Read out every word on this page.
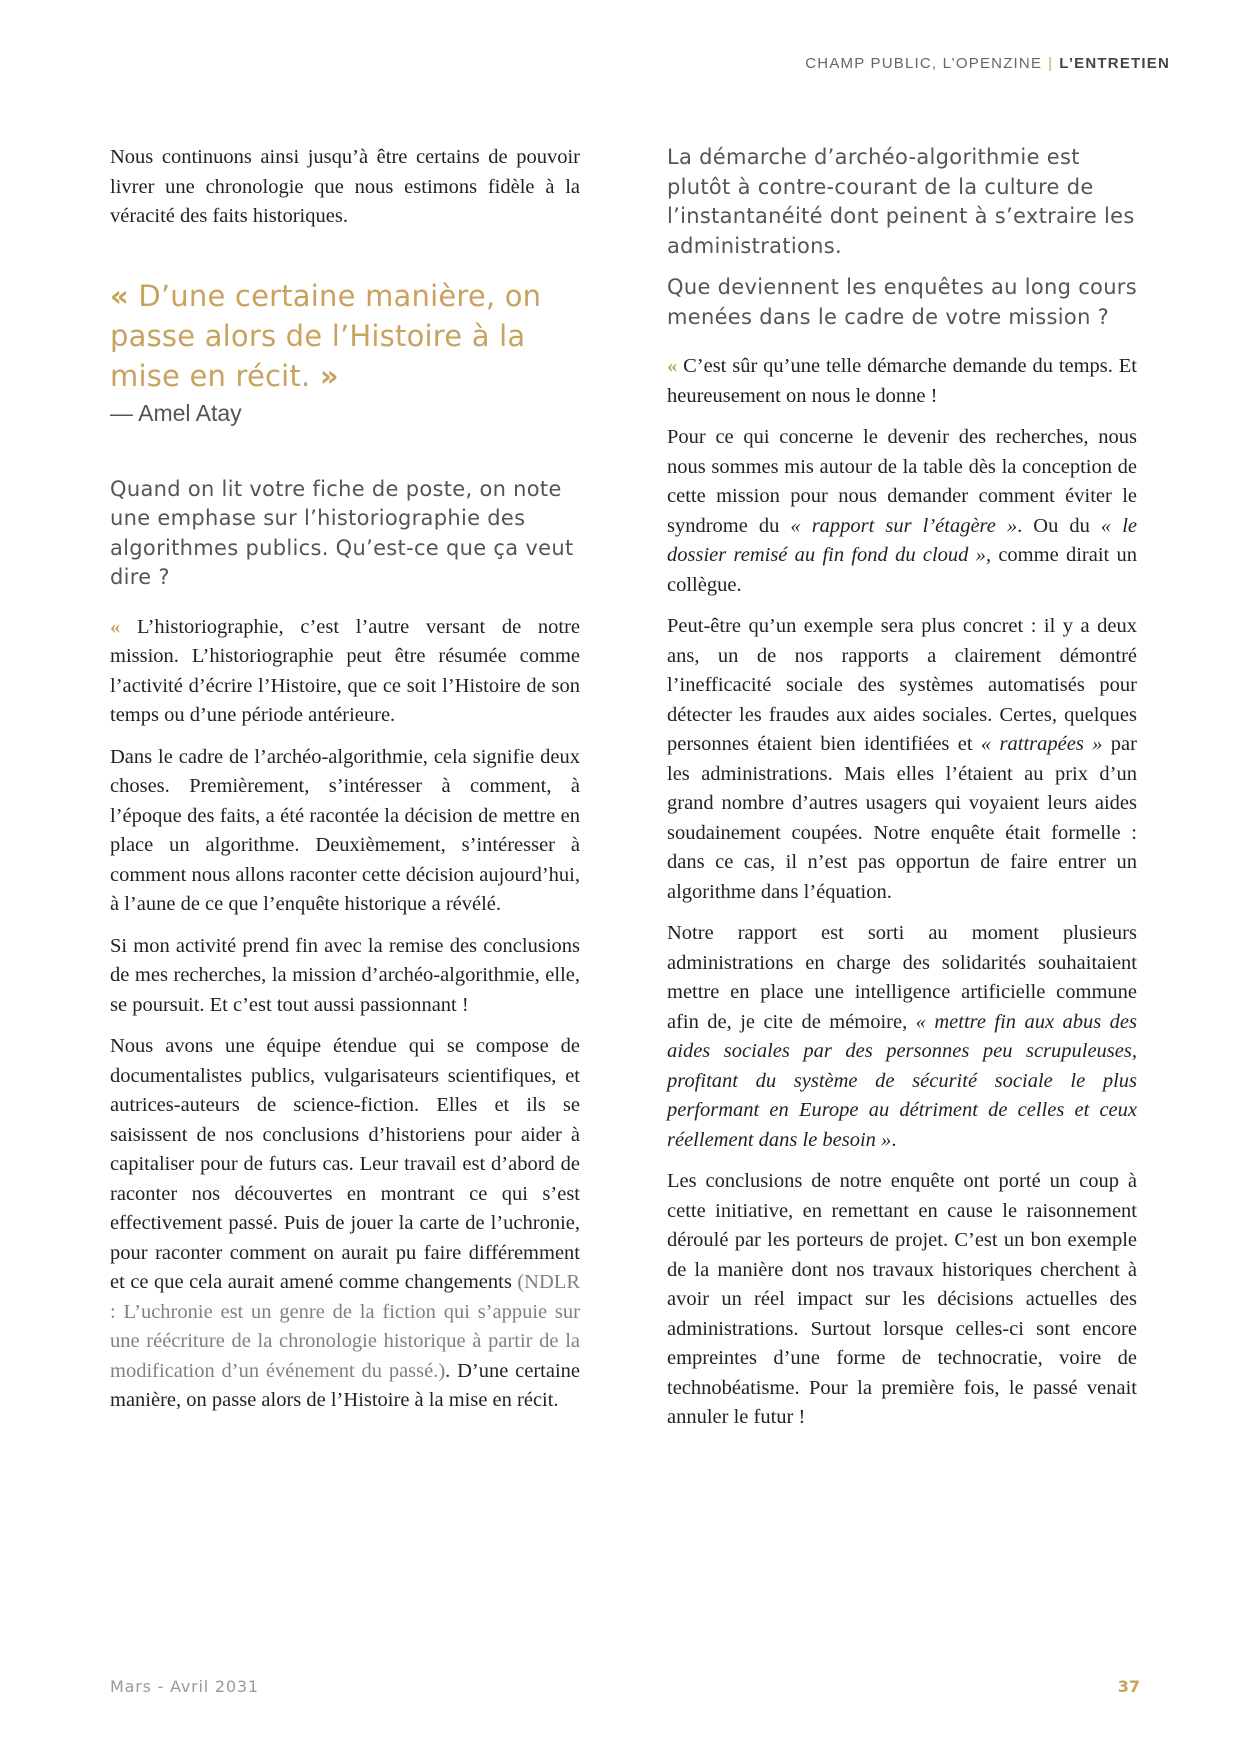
CHAMP PUBLIC, L’OPENZINE | L’ENTRETIEN

Nous continuons ainsi jusqu’à être certains de pouvoir livrer une chronologie que nous estimons fidèle à la véracité des faits historiques.

« D’une certaine manière, on passe alors de l’Histoire à la mise en récit. »

— Amel Atay

Quand on lit votre fiche de poste, on note une emphase sur l’historiographie des algorithmes publics. Qu’est-ce que ça veut dire ?

« L’historiographie, c’est l’autre versant de notre mission. L’historiographie peut être résumée comme l’activité d’écrire l’Histoire, que ce soit l’Histoire de son temps ou d’une période antérieure.

Dans le cadre de l’archéo-algorithmie, cela signifie deux choses. Premièrement, s’intéresser à comment, à l’époque des faits, a été racontée la décision de mettre en place un algorithme. Deuxièmement, s’intéresser à comment nous allons raconter cette décision aujourd’hui, à l’aune de ce que l’enquête historique a révélé.

Si mon activité prend fin avec la remise des conclusions de mes recherches, la mission d’archéo-algorithmie, elle, se poursuit. Et c’est tout aussi passionnant !

Nous avons une équipe étendue qui se compose de documentalistes publics, vulgarisateurs scientifiques, et autrices-auteurs de science-fiction. Elles et ils se saisissent de nos conclusions d’historiens pour aider à capitaliser pour de futurs cas. Leur travail est d’abord de raconter nos découvertes en montrant ce qui s’est effectivement passé. Puis de jouer la carte de l’uchronie, pour raconter comment on aurait pu faire différemment et ce que cela aurait amené comme changements (NDLR : L’uchronie est un genre de la fiction qui s’appuie sur une réécriture de la chronologie historique à partir de la modification d’un événement du passé.). D’une certaine manière, on passe alors de l’Histoire à la mise en récit.

La démarche d’archéo-algorithmie est plutôt à contre-courant de la culture de l’instantanéité dont peinent à s’extraire les administrations.

Que deviennent les enquêtes au long cours menées dans le cadre de votre mission ?

« C’est sûr qu’une telle démarche demande du temps. Et heureusement on nous le donne !

Pour ce qui concerne le devenir des recherches, nous nous sommes mis autour de la table dès la conception de cette mission pour nous demander comment éviter le syndrome du « rapport sur l’étagère ». Ou du « le dossier remisé au fin fond du cloud », comme dirait un collègue.

Peut-être qu’un exemple sera plus concret : il y a deux ans, un de nos rapports a clairement démontré l’inefficacité sociale des systèmes automatisés pour détecter les fraudes aux aides sociales. Certes, quelques personnes étaient bien identifiées et « rattrapées » par les administrations. Mais elles l’étaient au prix d’un grand nombre d’autres usagers qui voyaient leurs aides soudainement coupées. Notre enquête était formelle : dans ce cas, il n’est pas opportun de faire entrer un algorithme dans l’équation.

Notre rapport est sorti au moment plusieurs administrations en charge des solidarités souhaitaient mettre en place une intelligence artificielle commune afin de, je cite de mémoire, « mettre fin aux abus des aides sociales par des personnes peu scrupuleuses, profitant du système de sécurité sociale le plus performant en Europe au détriment de celles et ceux réellement dans le besoin ».

Les conclusions de notre enquête ont porté un coup à cette initiative, en remettant en cause le raisonnement déroulé par les porteurs de projet. C’est un bon exemple de la manière dont nos travaux historiques cherchent à avoir un réel impact sur les décisions actuelles des administrations. Surtout lorsque celles-ci sont encore empreintes d’une forme de technocratie, voire de technobéatisme. Pour la première fois, le passé venait annuler le futur !

Mars - Avril 2031	37
